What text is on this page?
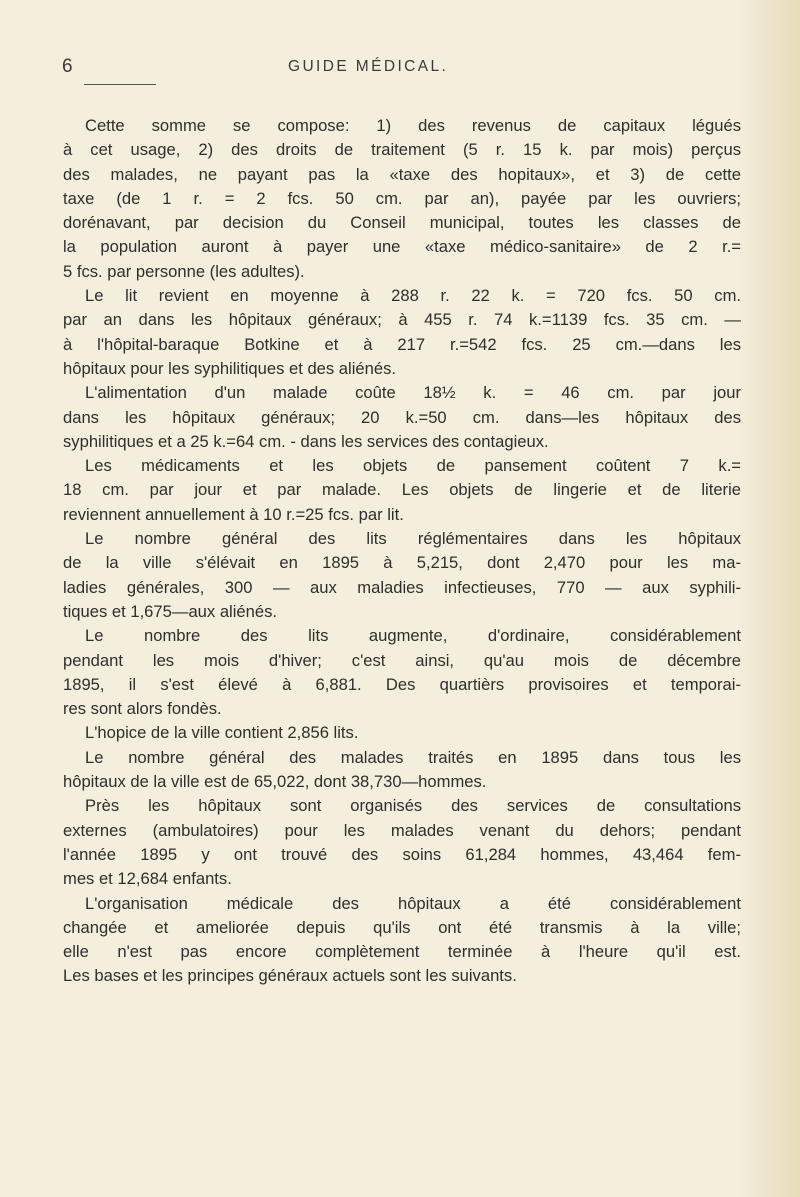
6	GUIDE MÉDICAL.

Cette somme se compose: 1) des revenus de capitaux légués
à cet usage, 2) des droits de traitement (5 r. 15 k. par mois) perçus
des malades, ne payant pas la «taxe des hopitaux», et 3) de cette
taxe (de 1 r. = 2 fcs. 50 cm. par an), payée par les ouvriers;
dorénavant, par decision du Conseil municipal, toutes les classes de
la population auront à payer une «taxe médico-sanitaire» de 2 r.=
5 fcs. par personne (les adultes).

Le lit revient en moyenne à 288 r. 22 k. = 720 fcs. 50 cm.
par an dans les hôpitaux généraux; à 455 r. 74 k.=1139 fcs. 35 cm. —
à l'hôpital-baraque Botkine et à 217 r.=542 fcs. 25 cm.—dans les
hôpitaux pour les syphilitiques et des aliénés.

L'alimentation d'un malade coûte 18½ k. = 46 cm. par jour
dans les hôpitaux généraux; 20 k.=50 cm. dans—les hôpitaux des
syphilitiques et a 25 k.=64 cm. - dans les services des contagieux.

Les médicaments et les objets de pansement coûtent 7 k.=
18 cm. par jour et par malade. Les objets de lingerie et de literie
reviennent annuellement à 10 r.=25 fcs. par lit.

Le nombre général des lits réglémentaires dans les hôpitaux
de la ville s'élévait en 1895 à 5,215, dont 2,470 pour les ma-
ladies générales, 300 — aux maladies infectieuses, 770 — aux syphili-
tiques et 1,675—aux aliénés.

Le nombre des lits augmente, d'ordinaire, considérablement
pendant les mois d'hiver; c'est ainsi, qu'au mois de décembre
1895, il s'est élevé à 6,881. Des quartièrs provisoires et temporai-
res sont alors fondès.

L'hopice de la ville contient 2,856 lits.

Le nombre général des malades traités en 1895 dans tous les
hôpitaux de la ville est de 65,022, dont 38,730—hommes.

Près les hôpitaux sont organisés des services de consultations
externes (ambulatoires) pour les malades venant du dehors; pendant
l'année 1895 y ont trouvé des soins 61,284 hommes, 43,464 fem-
mes et 12,684 enfants.

L'organisation médicale des hôpitaux a été considérablement
changée et ameliorée depuis qu'ils ont été transmis à la ville;
elle n'est pas encore complètement terminée à l'heure qu'il est.
Les bases et les principes généraux actuels sont les suivants.
